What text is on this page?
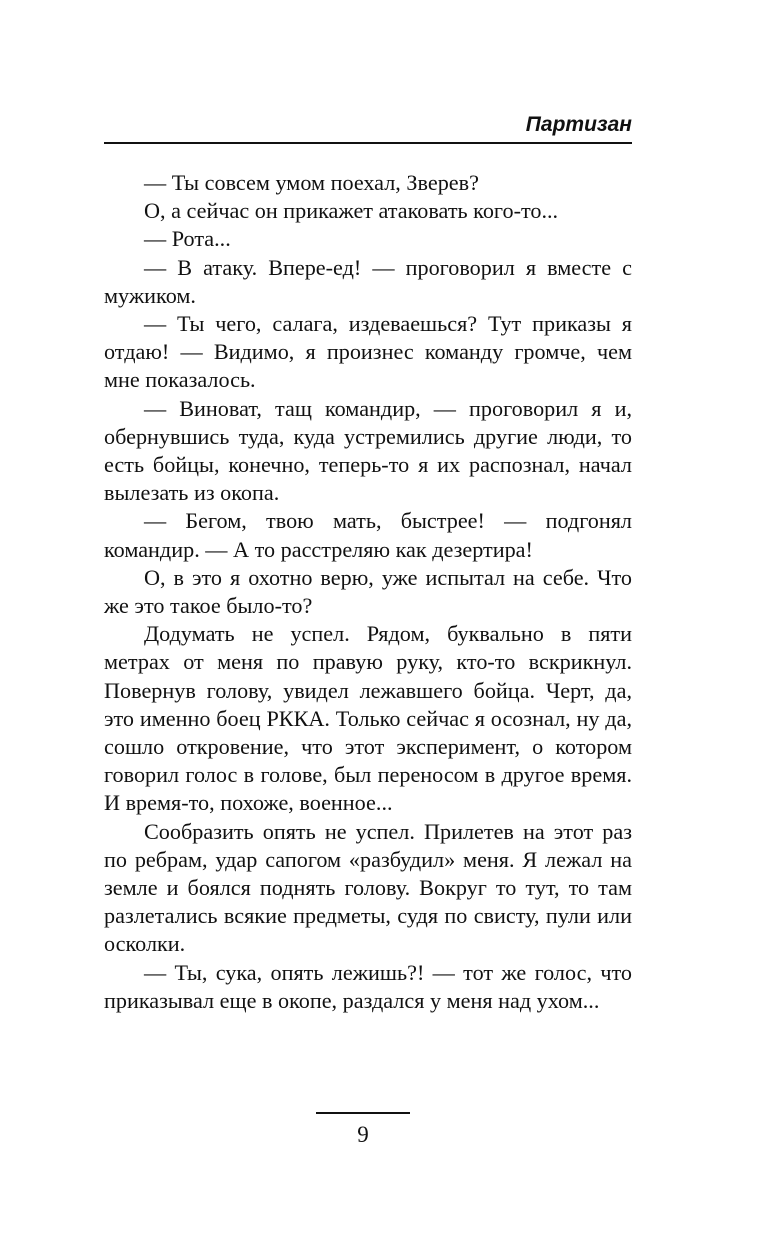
Партизан

— Ты совсем умом поехал, Зверев?

О, а сейчас он прикажет атаковать кого-то...

— Рота...

— В атаку. Впере-ед! — проговорил я вместе с мужиком.

— Ты чего, салага, издеваешься? Тут приказы я отдаю! — Видимо, я произнес команду громче, чем мне показалось.

— Виноват, тащ командир, — проговорил я и, обернувшись туда, куда устремились другие люди, то есть бойцы, конечно, теперь-то я их распознал, начал вылезать из окопа.

— Бегом, твою мать, быстрее! — подгонял командир. — А то расстреляю как дезертира!

О, в это я охотно верю, уже испытал на себе. Что же это такое было-то?

Додумать не успел. Рядом, буквально в пяти метрах от меня по правую руку, кто-то вскрикнул. Повернув голову, увидел лежавшего бойца. Черт, да, это именно боец РККА. Только сейчас я осознал, ну да, сошло откровение, что этот эксперимент, о котором говорил голос в голове, был переносом в другое время. И время-то, похоже, военное...

Сообразить опять не успел. Прилетев на этот раз по ребрам, удар сапогом «разбудил» меня. Я лежал на земле и боялся поднять голову. Вокруг то тут, то там разлетались всякие предметы, судя по свисту, пули или осколки.

— Ты, сука, опять лежишь?! — тот же голос, что приказывал еще в окопе, раздался у меня над ухом...

9
